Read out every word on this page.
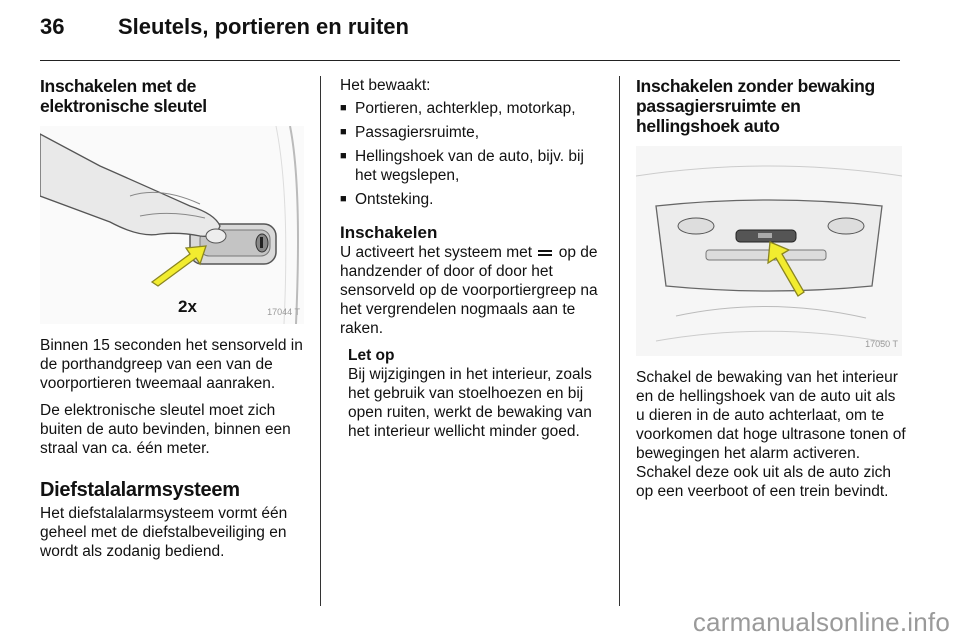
36 Sleutels, portieren en ruiten
Inschakelen met de elektronische sleutel
2x	17044 T

Binnen 15 seconden het sensorveld in de porthandgreep van een van de voorportieren tweemaal aanraken.

De elektronische sleutel moet zich buiten de auto bevinden, binnen een straal van ca. één meter.

Diefstalalarmsysteem

Het diefstalalarmsysteem vormt één geheel met de diefstalbeveiliging en wordt als zodanig bediend.

Het bewaakt:

■ Portieren, achterklep, motorkap,
■ Passagiersruimte,
■ Hellingshoek van de auto, bijv. bij het wegslepen,
■ Ontsteking.
Inschakelen

U activeert het systeem met op de handzender of door of door het sensorveld op de voorportiergreep na het vergrendelen nogmaals aan te raken.

Let op
Bij wijzigingen in het interieur, zoals het gebruik van stoelhoezen en bij open ruiten, werkt de bewaking van het interieur wellicht minder goed.
Inschakelen zonder bewaking passagiersruimte en hellingshoek auto
17050 T

Schakel de bewaking van het interieur en de hellingshoek van de auto uit als u dieren in de auto achterlaat, om te voorkomen dat hoge ultrasone tonen of bewegingen het alarm activeren. Schakel deze ook uit als de auto zich op een veerboot of een trein bevindt.

carmanualsonline.info
